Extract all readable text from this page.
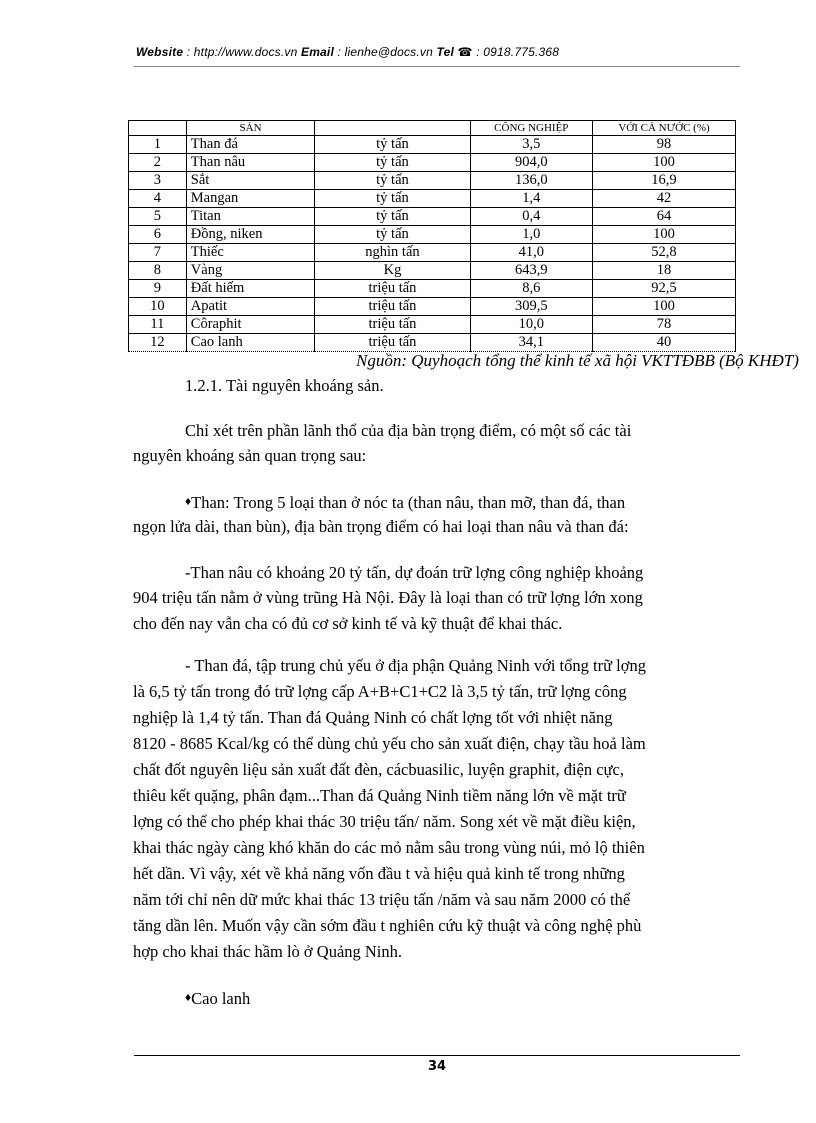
Website : http://www.docs.vn Email : lienhe@docs.vn Tel ☎ : 0918.775.368
	SẢN		CÔNG NGHIỆP	VỚI CẢ NƯỚC (%)
1	Than đá	tỷ tấn	3,5	98
2	Than nâu	tỷ tấn	904,0	100
3	Sắt	tỷ tấn	136,0	16,9
4	Mangan	tỷ tấn	1,4	42
5	Titan	tỷ tấn	0,4	64
6	Đồng, niken	tỷ tấn	1,0	100
7	Thiếc	nghìn tấn	41,0	52,8
8	Vàng	Kg	643,9	18
9	Đất hiếm	triệu tấn	8,6	92,5
10	Apatit	triệu tấn	309,5	100
11	Côraphit	triệu tấn	10,0	78
12	Cao lanh	triệu tấn	34,1	40
Nguồn: Quyhoạch tổng thể kinh tế xã hội VKTTĐBB (Bộ KHĐT)
1.2.1. Tài nguyên khoáng sản.
Chỉ xét trên phần lãnh thổ của địa bàn trọng điểm, có một số các tài
nguyên khoáng sản quan trọng sau:
♦Than: Trong 5 loại than ở nóc ta (than nâu, than mỡ, than đá, than
ngọn lửa dài, than bùn), địa bàn trọng điểm có hai loại than nâu và than đá:
-Than nâu có khoảng 20 tỷ tấn, dự đoán trữ lợng công nghiệp khoảng
904 triệu tấn nằm ở vùng trũng Hà Nội. Đây là loại than có trữ lợng lớn xong
cho đến nay vẫn cha có đủ cơ sở kinh tế và kỹ thuật để khai thác.
- Than đá, tập trung chủ yếu ở địa phận Quảng Ninh với tổng trữ lợng
là 6,5 tỷ tấn trong đó trữ lợng cấp A+B+C1+C2 là 3,5 tỷ tấn, trữ lợng công
nghiệp là 1,4 tỷ tấn. Than đá Quảng Ninh có chất lợng tốt với nhiệt năng
8120 - 8685 Kcal/kg có thể dùng chủ yếu cho sản xuất điện, chạy tầu hoả làm
chất đốt nguyên liệu sản xuất đất đèn, cácbuasilic, luyện graphit, điện cực,
thiêu kết quặng, phân đạm...Than đá Quảng Ninh tiềm năng lớn về mặt trữ
lợng có thể cho phép khai thác 30 triệu tấn/ năm. Song xét về mặt điều kiện,
khai thác ngày càng khó khăn do các mỏ nằm sâu trong vùng núi, mỏ lộ thiên
hết dần. Vì vậy, xét về khả năng vốn đầu t và hiệu quả kinh tế trong những
năm tới chỉ nên dữ mức khai thác 13 triệu tấn /năm và sau năm 2000 có thể
tăng dần lên. Muốn vậy cần sớm đầu t nghiên cứu kỹ thuật và công nghệ phù
hợp cho khai thác hầm lò ở Quảng Ninh.
♦Cao lanh
34
